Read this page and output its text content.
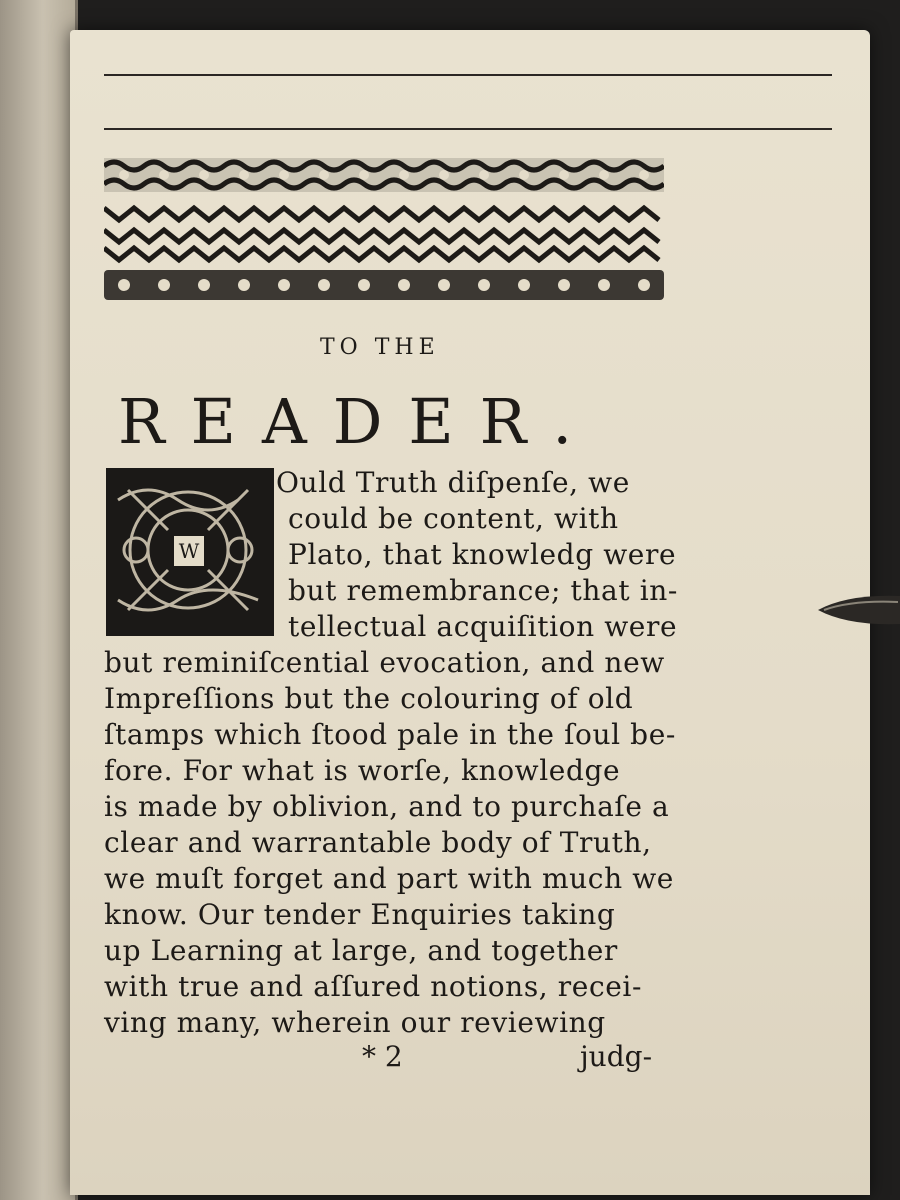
TO THE
READER.
W
Ould Truth diſpenſe, we
could be content, with
Plato, that knowledg were
but remembrance; that in-
tellectual acquiſition were
but reminiſcential evocation, and new
Impreſſions but the colouring of old
ſtamps which ſtood pale in the ſoul be-
fore. For what is worſe, knowledge
is made by oblivion, and to purchaſe a
clear and warrantable body of Truth,
we muſt forget and part with much we
know. Our tender Enquiries taking
up Learning at large, and together
with true and aſſured notions, recei-
ving many, wherein our reviewing
* 2	judg-
